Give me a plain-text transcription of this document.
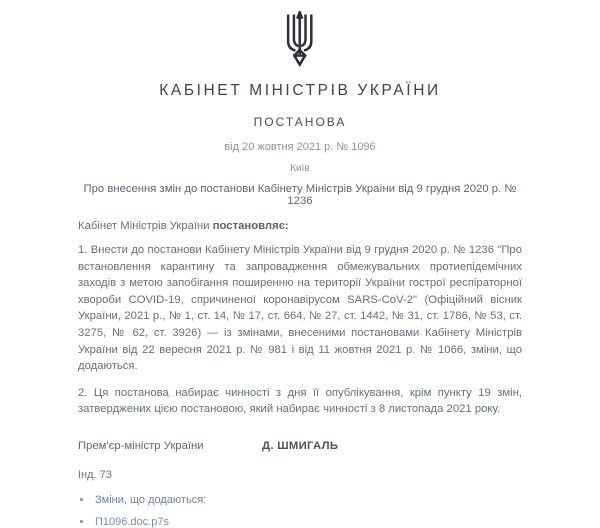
КАБІНЕТ МІНІСТРІВ УКРАЇНИ
ПОСТАНОВА
від 20 жовтня 2021 р. № 1096
Київ
Про внесення змін до постанови Кабінету Міністрів України від 9 грудня 2020 р. № 1236
Кабінет Міністрів України постановляє:
1. Внести до постанови Кабінету Міністрів України від 9 грудня 2020 р. № 1236 "Про встановлення карантину та запровадження обмежувальних протиепідемічних заходів з метою запобігання поширенню на території України гострої респіраторної хвороби COVID-19, спричиненої коронавірусом SARS-CoV-2" (Офіційний вісник України, 2021 р., № 1, ст. 14, № 17, ст. 664, № 27, ст. 1442, № 31, ст. 1786, № 53, ст. 3275, № 62, ст. 3926) — із змінами, внесеними постановами Кабінету Міністрів України від 22 вересня 2021 р. № 981 і від 11 жовтня 2021 р. № 1066, зміни, що додаються.
2. Ця постанова набирає чинності з дня її опублікування, крім пункту 19 змін, затверджених цією постановою, який набирає чинності з 8 листопада 2021 року.
Прем'єр-міністр України	Д. ШМИГАЛЬ
Інд. 73
Зміни, що додаються:
П1096.doc.p7s
